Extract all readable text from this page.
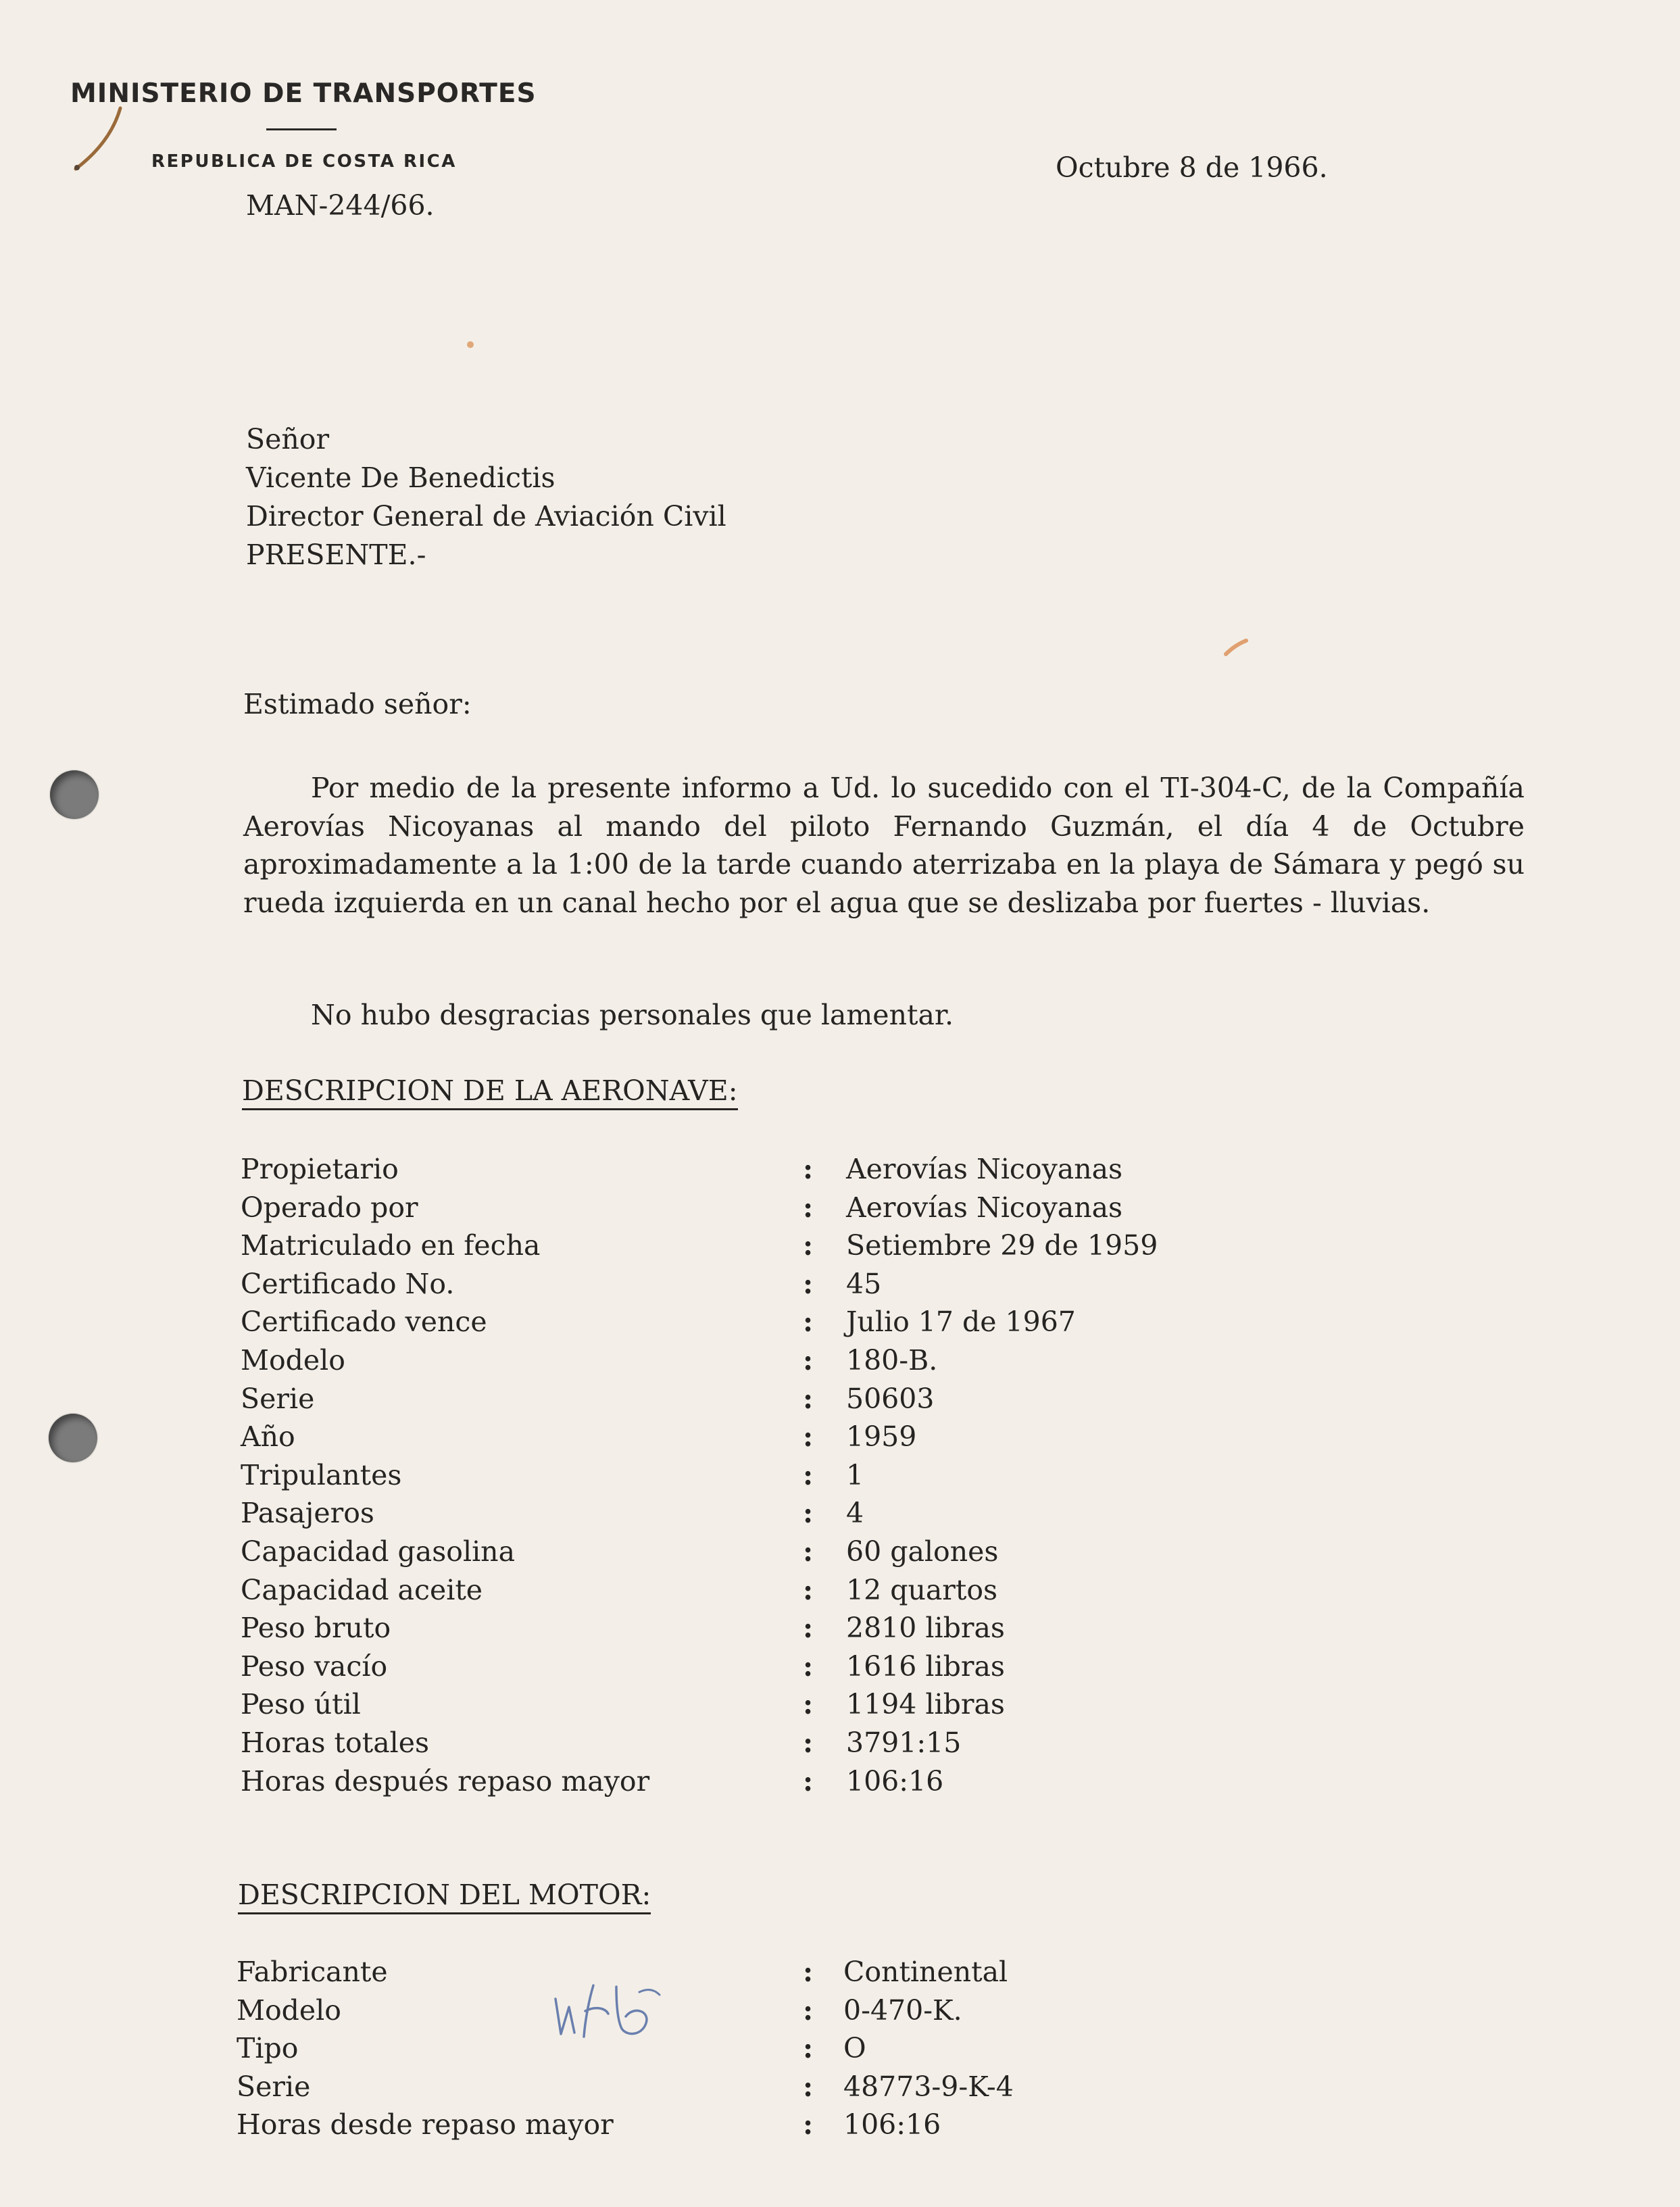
MINISTERIO DE TRANSPORTES
REPUBLICA DE COSTA RICA
MAN-244/66.
Octubre 8 de 1966.
Señor
Vicente De Benedictis
Director General de Aviación Civil
PRESENTE.-
Estimado señor:
Por medio de la presente informo a Ud. lo sucedido con el TI-304-C, de la Compañía Aerovías Nicoyanas al mando del piloto Fernando Guzmán, el día 4 de Octubre aproximadamente a la 1:00 de la tarde cuando aterrizaba en la playa de Sámara y pegó su rueda izquierda en un canal hecho por el agua que se deslizaba por fuertes - lluvias.
No hubo desgracias personales que lamentar.
DESCRIPCION DE LA AERONAVE:
Propietario	: Aerovías Nicoyanas
Operado por	: Aerovías Nicoyanas
Matriculado en fecha	: Setiembre 29 de 1959
Certificado No.	: 45
Certificado vence	: Julio 17 de 1967
Modelo	: 180-B.
Serie	: 50603
Año	: 1959
Tripulantes	: 1
Pasajeros	: 4
Capacidad gasolina	: 60 galones
Capacidad aceite	: 12 quartos
Peso bruto	: 2810 libras
Peso vacío	: 1616 libras
Peso útil	: 1194 libras
Horas totales	: 3791:15
Horas después repaso mayor	: 106:16
DESCRIPCION DEL MOTOR:
Fabricante	: Continental
Modelo	: 0-470-K.
Tipo	: O
Serie	: 48773-9-K-4
Horas desde repaso mayor	: 106:16
